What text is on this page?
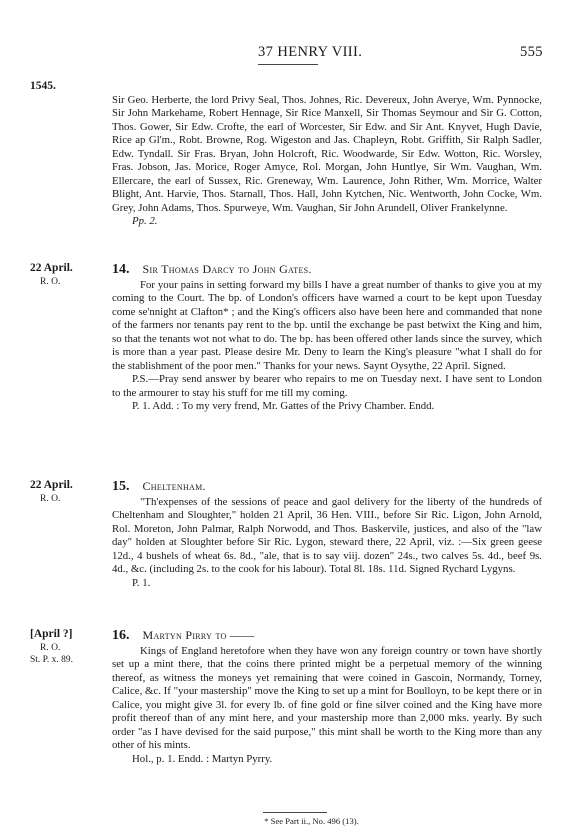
37 HENRY VIII.	555
1545.
22 April.
R. O.
22 April.
R. O.
[April ?]
R. O.
St. P. x. 89.

Sir Geo. Herberte, the lord Privy Seal, Thos. Johnes, Ric. Devereux, John Averye, Wm. Pynnocke, Sir John Markehame, Robert Hennage, Sir Rice Manxell, Sir Thomas Seymour and Sir G. Cotton, Thos. Gower, Sir Edw. Crofte, the earl of Worcester, Sir Edw. and Sir Ant. Knyvet, Hugh Davie, Rice ap Gl'm., Robt. Browne, Rog. Wigeston and Jas. Chapleyn, Robt. Griffith, Sir Ralph Sadler, Edw. Tyndall. Sir Fras. Bryan, John Holcroft, Ric. Woodwarde, Sir Edw. Wotton, Ric. Worsley, Fras. Jobson, Jas. Morice, Roger Amyce, Rol. Morgan, John Huntlye, Sir Wm. Vaughan, Wm. Ellercare, the earl of Sussex, Ric. Greneway, Wm. Laurence, John Rither, Wm. Morrice, Walter Blight, Ant. Harvie, Thos. Starnall, Thos. Hall, John Kytchen, Nic. Wentworth, John Cocke, Wm. Grey, John Adams, Thos. Spurweye, Wm. Vaughan, Sir John Arundell, Oliver Frankelynne.

Pp. 2.

14. Sir Thomas Darcy to John Gates.

For your pains in setting forward my bills I have a great number of thanks to give you at my coming to the Court. The bp. of London's officers have warned a court to be kept upon Tuesday come se'nnight at Clafton* ; and the King's officers also have been here and commanded that none of the farmers nor tenants pay rent to the bp. until the exchange be past betwixt the King and him, so that the tenants wot not what to do. The bp. has been offered other lands since the survey, which is more than a year past. Please desire Mr. Deny to learn the King's pleasure "what I shall do for the stablishment of the poor men." Thanks for your news. Saynt Oysythe, 22 April. Signed.

P.S.—Pray send answer by bearer who repairs to me on Tuesday next. I have sent to London to the armourer to stay his stuff for me till my coming.

P. 1. Add. : To my very frend, Mr. Gattes of the Privy Chamber. Endd.

15. Cheltenham.

"Th'expenses of the sessions of peace and gaol delivery for the liberty of the hundreds of Cheltenham and Sloughter," holden 21 April, 36 Hen. VIII., before Sir Ric. Ligon, John Arnold, Rol. Moreton, John Palmar, Ralph Norwodd, and Thos. Baskervile, justices, and also of the "law day" holden at Sloughter before Sir Ric. Lygon, steward there, 22 April, viz. :—Six green geese 12d., 4 bushels of wheat 6s. 8d., "ale, that is to say viij. dozen" 24s., two calves 5s. 4d., beef 9s. 4d., &c. (including 2s. to the cook for his labour). Total 8l. 18s. 11d. Signed Rychard Lygyns.

P. 1.

16. Martyn Pirry to ——

Kings of England heretofore when they have won any foreign country or town have shortly set up a mint there, that the coins there printed might be a perpetual memory of the winning thereof, as witness the moneys yet remaining that were coined in Gascoin, Normandy, Torney, Calice, &c. If "your mastership" move the King to set up a mint for Boulloyn, to be kept there or in Calice, you might give 3l. for every lb. of fine gold or fine silver coined and the King have more profit thereof than of any mint here, and your mastership more than 2,000 mks. yearly. By such order "as I have devised for the said purpose," this mint shall be worth to the King more than any other of his mints.

Hol., p. 1. Endd. : Martyn Pyrry.

* See Part ii., No. 496 (13).
